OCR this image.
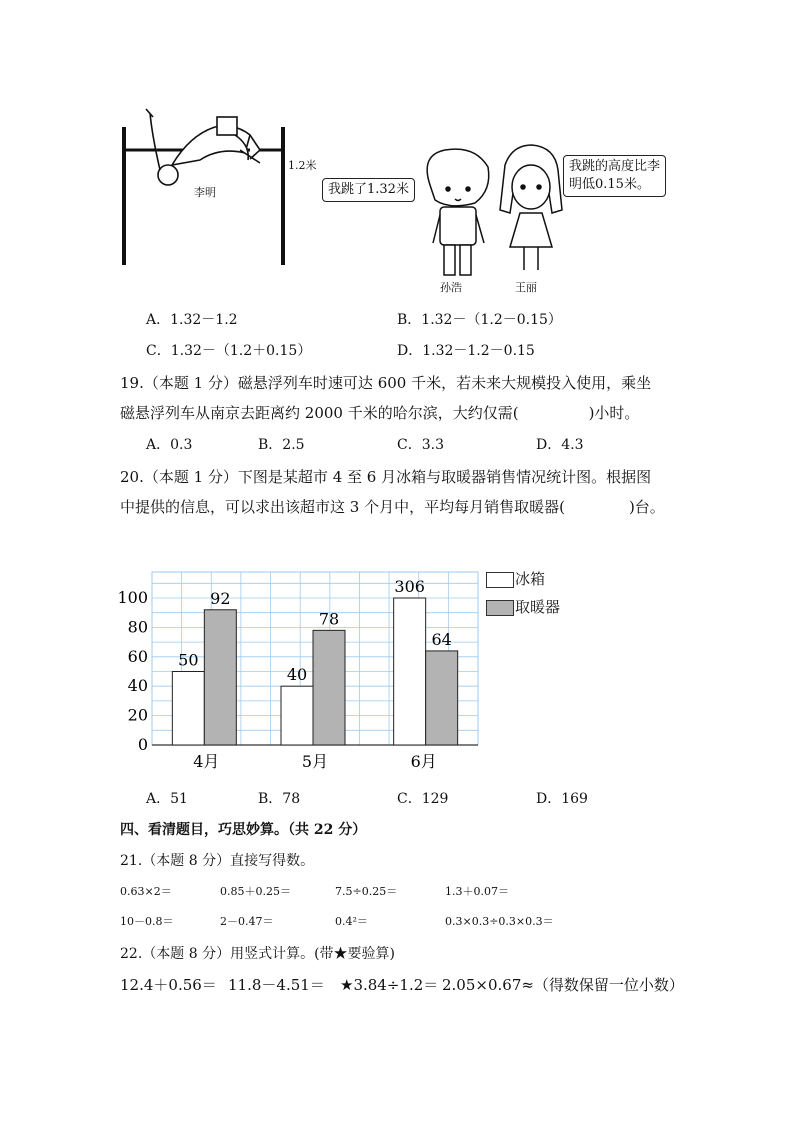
李明
1.2米
我跳了1.32米
我跳的高度比李
明低0.15米。
孙浩	王丽
A．1.32－1.2	B．1.32－（1.2－0.15）
C．1.32－（1.2＋0.15）	D．1.32－1.2－0.15
19.（本题 1 分）磁悬浮列车时速可达 600 千米，若未来大规模投入使用，乘坐
磁悬浮列车从南京去距离约 2000 千米的哈尔滨，大约仅需(	)小时。
A．0.3	B．2.5	C．3.3	D．4.3
20.（本题 1 分）下图是某超市 4 至 6 月冰箱与取暖器销售情况统计图。根据图
中提供的信息，可以求出该超市这 3 个月中，平均每月销售取暖器(	)台。
0
20
40
60
80
100
50
92
4月
40
78
5月
306
64
6月
冰箱
取暖器
A．51	B．78	C．129	D．169
四、看清题目，巧思妙算。（共 22 分）
21.（本题 8 分）直接写得数。
0.63×2＝	0.85＋0.25＝	7.5÷0.25＝	1.3＋0.07＝
10－0.8＝	2－0.47＝	0.4²＝	0.3×0.3÷0.3×0.3＝
22.（本题 8 分）用竖式计算。(带★要验算)
12.4＋0.56＝ 11.8－4.51＝ ★3.84÷1.2＝ 2.05×0.67≈（得数保留一位小数）
